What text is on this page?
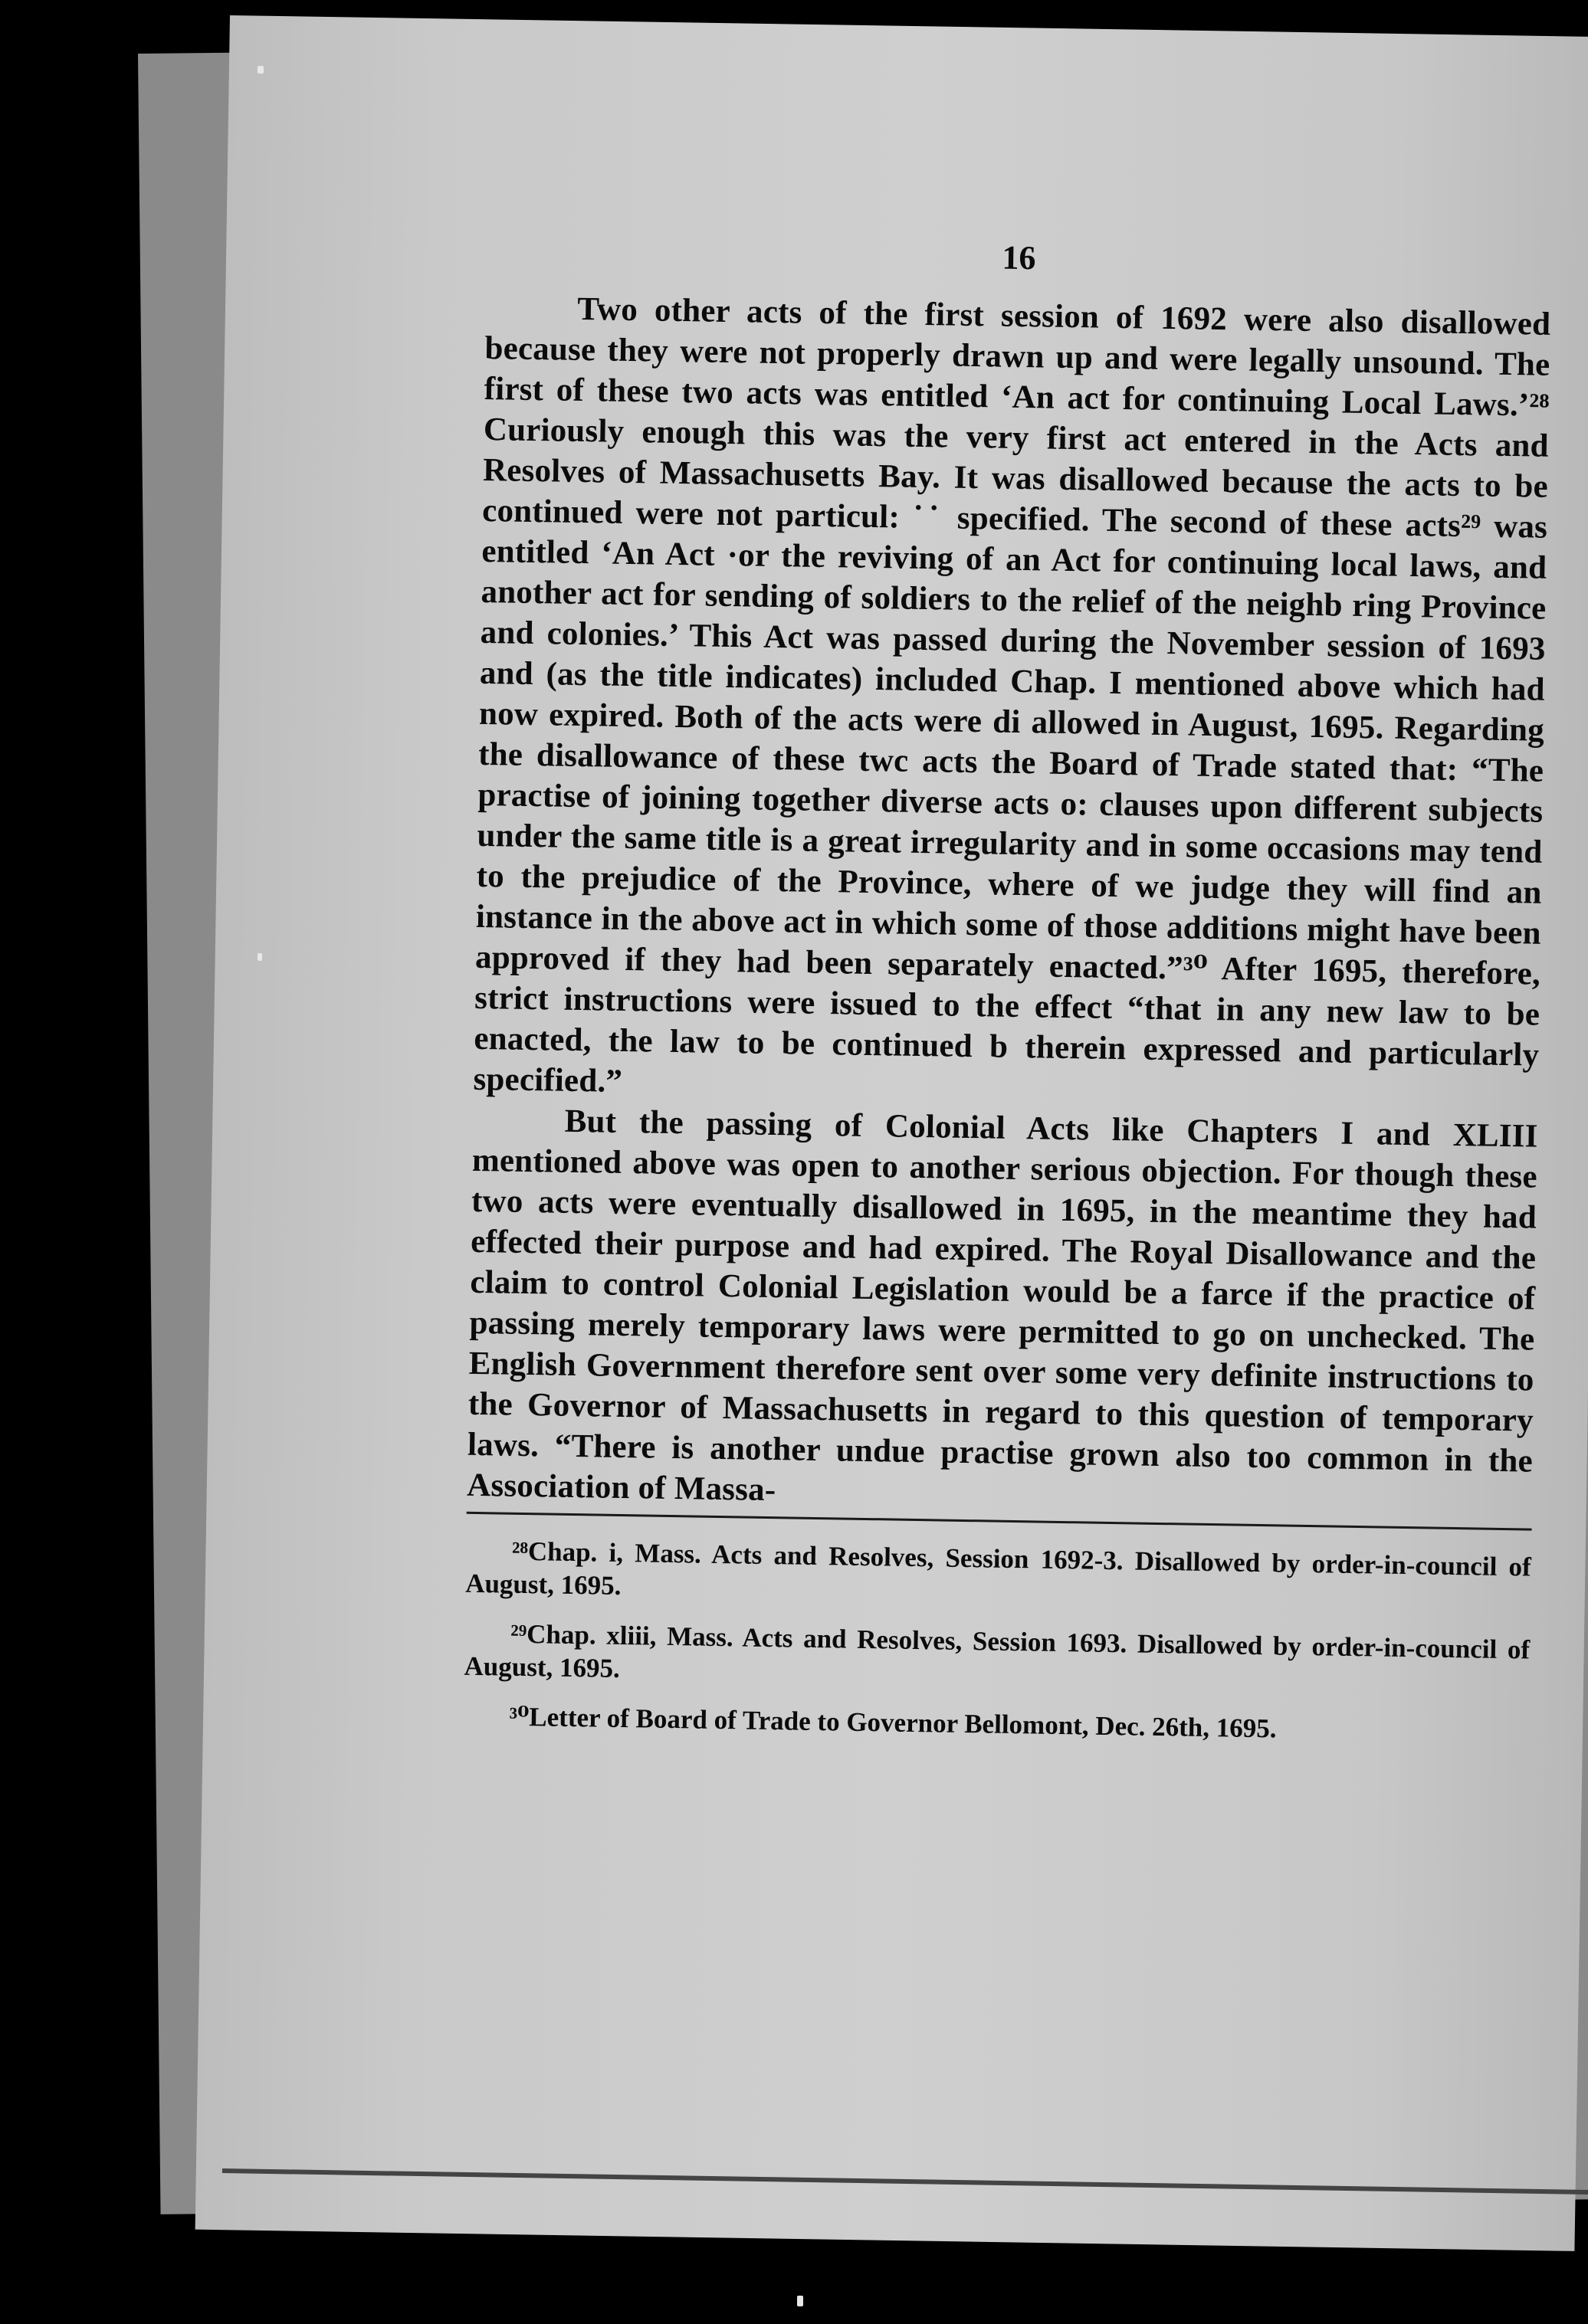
16

Two other acts of the first session of 1692 were also disallowed because they were not properly drawn up and were legally unsound. The first of these two acts was entitled ‘An act for continuing Local Laws.’²⁸ Curiously enough this was the very first act entered in the Acts and Resolves of Massachusetts Bay. It was disallowed because the acts to be continued were not particul: ˙˙ specified. The second of these acts²⁹ was entitled ‘An Act ·or the reviving of an Act for continuing local laws, and another act for sending of soldiers to the relief of the neighb ring Province and colonies.’ This Act was passed during the November session of 1693 and (as the title indicates) included Chap. I mentioned above which had now expired. Both of the acts were di allowed in August, 1695. Regarding the disallowance of these twc acts the Board of Trade stated that: “The practise of joining together diverse acts o: clauses upon different subjects under the same title is a great irregularity and in some occasions may tend to the prejudice of the Province, where of we judge they will find an instance in the above act in which some of those additions might have been approved if they had been separately enacted.”³⁰ After 1695, therefore, strict instructions were issued to the effect “that in any new law to be enacted, the law to be continued b therein expressed and particularly specified.”

But the passing of Colonial Acts like Chapters I and XLIII mentioned above was open to another serious objection. For though these two acts were eventually disallowed in 1695, in the meantime they had effected their purpose and had expired. The Royal Disallowance and the claim to control Colonial Legislation would be a farce if the practice of passing merely temporary laws were permitted to go on unchecked. The English Government therefore sent over some very definite instructions to the Governor of Massachusetts in regard to this question of temporary laws. “There is another undue practise grown also too common in the Association of Massa-

²⁸Chap. i, Mass. Acts and Resolves, Session 1692-3. Disallowed by order-in-council of August, 1695.

²⁹Chap. xliii, Mass. Acts and Resolves, Session 1693. Disallowed by order-in-council of August, 1695.

³⁰Letter of Board of Trade to Governor Bellomont, Dec. 26th, 1695.
